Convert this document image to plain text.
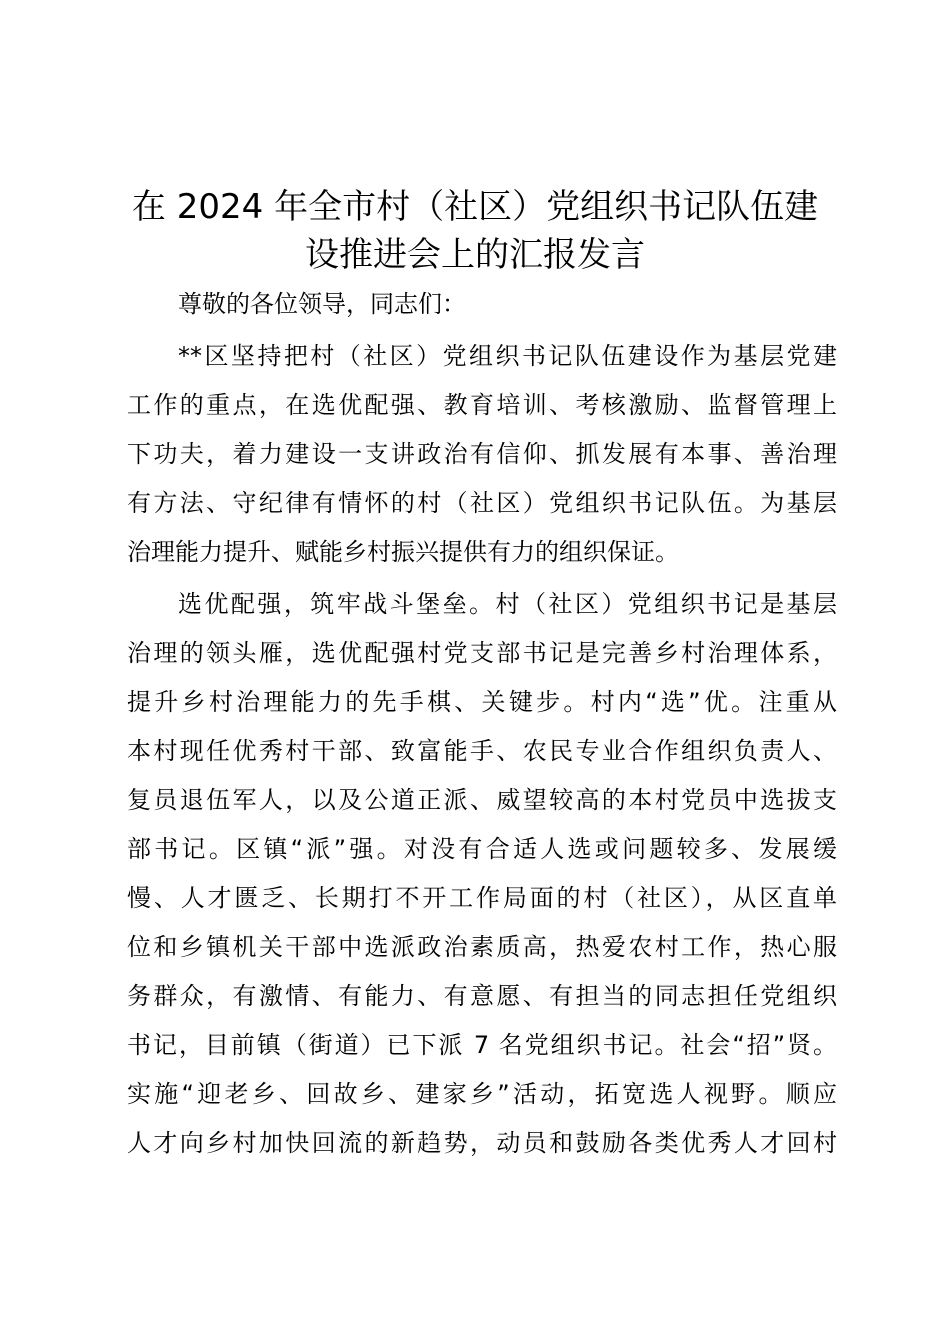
在 2024 年全市村（社区）党组织书记队伍建
设推进会上的汇报发言
尊敬的各位领导，同志们：
**区坚持把村（社区）党组织书记队伍建设作为基层党建
工作的重点，在选优配强、教育培训、考核激励、监督管理上
下功夫，着力建设一支讲政治有信仰、抓发展有本事、善治理
有方法、守纪律有情怀的村（社区）党组织书记队伍。为基层
治理能力提升、赋能乡村振兴提供有力的组织保证。
选优配强，筑牢战斗堡垒。村（社区）党组织书记是基层
治理的领头雁，选优配强村党支部书记是完善乡村治理体系，
提升乡村治理能力的先手棋、关键步。村内“选”优。注重从
本村现任优秀村干部、致富能手、农民专业合作组织负责人、
复员退伍军人，以及公道正派、威望较高的本村党员中选拔支
部书记。区镇“派”强。对没有合适人选或问题较多、发展缓
慢、人才匮乏、长期打不开工作局面的村（社区），从区直单
位和乡镇机关干部中选派政治素质高，热爱农村工作，热心服
务群众，有激情、有能力、有意愿、有担当的同志担任党组织
书记，目前镇（街道）已下派 7 名党组织书记。社会“招”贤。
实施“迎老乡、回故乡、建家乡”活动，拓宽选人视野。顺应
人才向乡村加快回流的新趋势，动员和鼓励各类优秀人才回村
